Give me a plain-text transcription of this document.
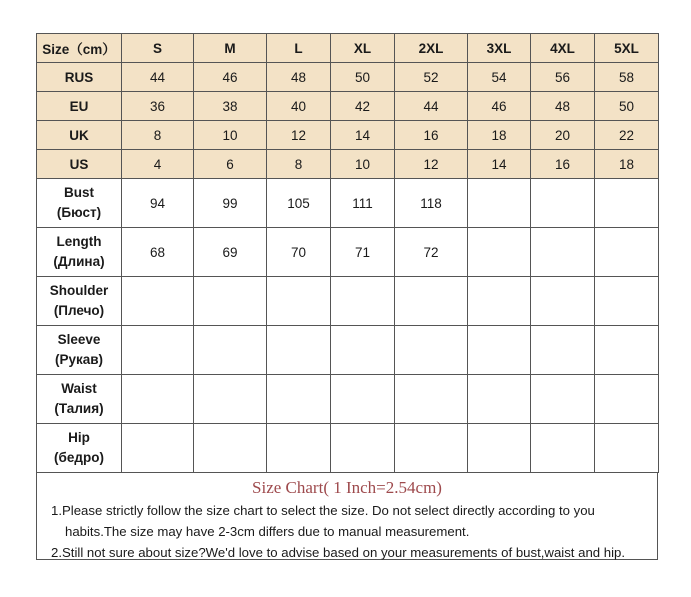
Size（cm）	S	M	L	XL	2XL	3XL	4XL	5XL
RUS	44	46	48	50	52	54	56	58
EU	36	38	40	42	44	46	48	50
UK	8	10	12	14	16	18	20	22
US	4	6	8	10	12	14	16	18

Bust
(Бюст)	94	99	105	111	118			

Length
(Длина)	68	69	70	71	72			

Shoulder
(Плечо)								

Sleeve
(Рукав)								

Waist
(Талия)								

Hip
(бедро)								

Size Chart( 1 Inch=2.54cm)
1.Please strictly follow the size chart to select the size. Do not select directly according to you
habits.The size may have 2-3cm differs due to manual measurement.
2.Still not sure about size?We'd love to advise based on your measurements of bust,waist and hip.
